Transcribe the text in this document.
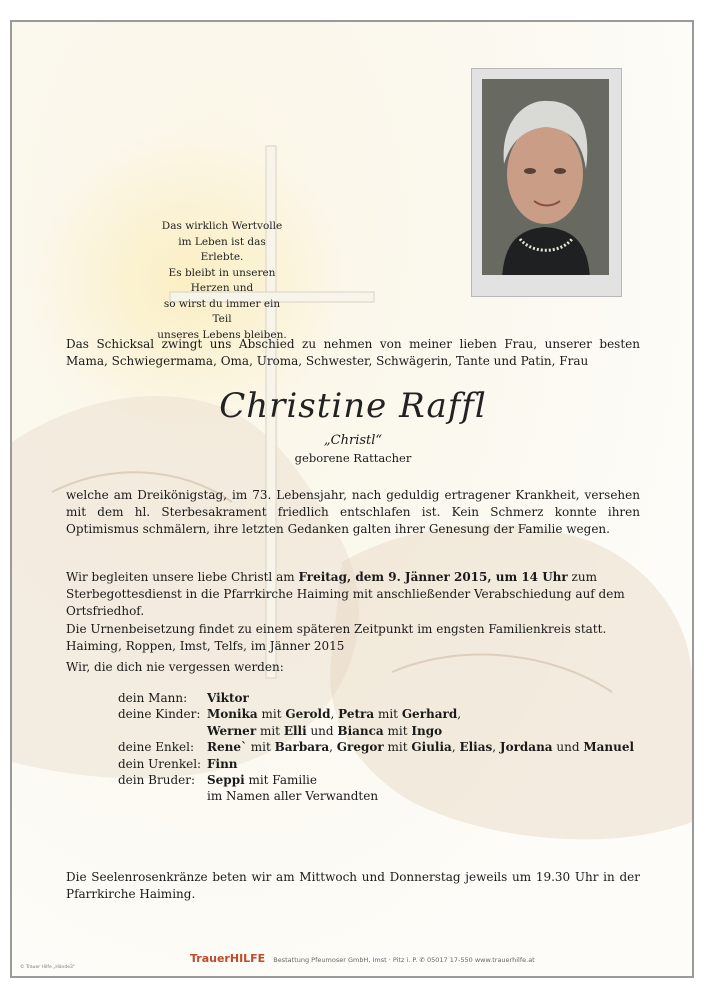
Das wirklich Wertvolle
im Leben ist das Erlebte.
Es bleibt in unseren Herzen und
so wirst du immer ein Teil
unseres Lebens bleiben.
Das Schicksal zwingt uns Abschied zu nehmen von meiner lieben Frau, unserer besten Mama, Schwiegermama, Oma, Uroma, Schwester, Schwägerin, Tante und Patin, Frau
Christine Raffl
„Christl“
geborene Rattacher
welche am Dreikönigstag, im 73. Lebensjahr, nach geduldig ertragener Krankheit, versehen mit dem hl. Sterbesakrament friedlich entschlafen ist. Kein Schmerz konnte ihren Optimismus schmälern, ihre letzten Gedanken galten ihrer Genesung der Familie wegen.
Wir begleiten unsere liebe Christl am Freitag, dem 9. Jänner 2015, um 14 Uhr zum Sterbegottesdienst in die Pfarrkirche Haiming mit anschließender Verabschiedung auf dem Ortsfriedhof.
Die Urnenbeisetzung findet zu einem späteren Zeitpunkt im engsten Familienkreis statt.
Haiming, Roppen, Imst, Telfs, im Jänner 2015
Wir, die dich nie vergessen werden:
dein Mann:	Viktor
deine Kinder: Monika mit Gerold, Petra mit Gerhard,
Werner mit Elli und Bianca mit Ingo
deine Enkel:	Rene` mit Barbara, Gregor mit Giulia, Elias, Jordana und Manuel
dein Urenkel: Finn
dein Bruder: Seppi mit Familie
im Namen aller Verwandten
Die Seelenrosenkränze beten wir am Mittwoch und Donnerstag jeweils um 19.30 Uhr in der Pfarrkirche Haiming.
TrauerHILFE Bestattung Pfeumoser GmbH, Imst · Pitz i. P. ✆ 05017 17-550 www.trauerhilfe.at
© Trauer Hilfe „Hände3“
